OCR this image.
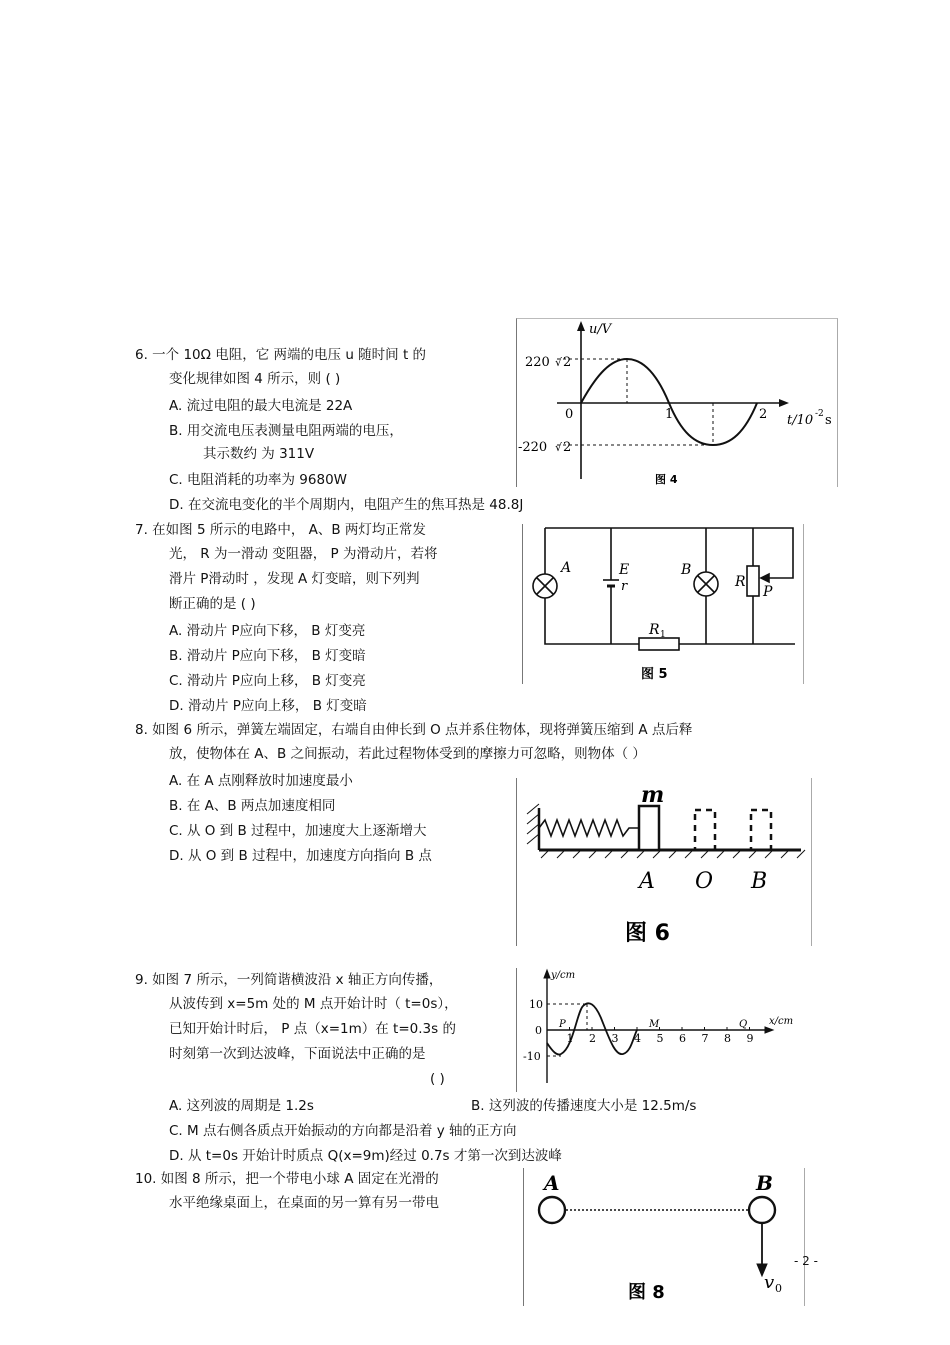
6. 一个 10Ω 电阻，它 两端的电压 u 随时间 t 的
变化规律如图 4 所示，则 ( )
A. 流过电阻的最大电流是 22A
B. 用交流电压表测量电阻两端的电压，
其示数约 为 311V
C. 电阻消耗的功率为 9680W
D. 在交流电变化的半个周期内，电阻产生的焦耳热是 48.8J
u/V
220 √ 2
-220 √ 2
0	1	2 t/10 -2 s
图 4
7. 在如图 5 所示的电路中， A、B 两灯均正常发
光， R 为一滑动 变阻器， P 为滑动片，若将
滑片 P滑动时 ，发现 A 灯变暗，则下列判
断正确的是 ( )
A. 滑动片 P应向下移， B 灯变亮
B. 滑动片 P应向下移， B 灯变暗
C. 滑动片 P应向上移， B 灯变亮
D. 滑动片 P应向上移， B 灯变暗
A	E
r
B
R
P
R 1
图 5
8. 如图 6 所示，弹簧左端固定，右端自由伸长到 O 点并系住物体，现将弹簧压缩到 A 点后释
放，使物体在 A、B 之间振动，若此过程物体受到的摩擦力可忽略，则物体（ ）
A. 在 A 点刚释放时加速度最小
B. 在 A、B 两点加速度相同
C. 从 O 到 B 过程中，加速度大上逐渐增大
D. 从 O 到 B 过程中，加速度方向指向 B 点
m
A O B
图 6
9. 如图 7 所示，一列简谐横波沿 x 轴正方向传播，
从波传到 x=5m 处的 M 点开始计时（ t=0s），
已知开始计时后， P 点（x=1m）在 t=0.3s 的
时刻第一次到达波峰，下面说法中正确的是
( )
A. 这列波的周期是 1.2s	B. 这列波的传播速度大小是 12.5m/s
C. M 点右侧各质点开始振动的方向都是沿着 y 轴的正方向
D. 从 t=0s 开始计时质点 Q(x=9m)经过 0.7s 才第一次到达波峰
y/cm
x/cm
10
-10
0 P	M	Q
1 2 3 4 5 6 7 8 9
10. 如图 8 所示，把一个带电小球 A 固定在光滑的
水平绝缘桌面上，在桌面的另一算有另一带电
A	B
v 0
图 8
- 2 -
